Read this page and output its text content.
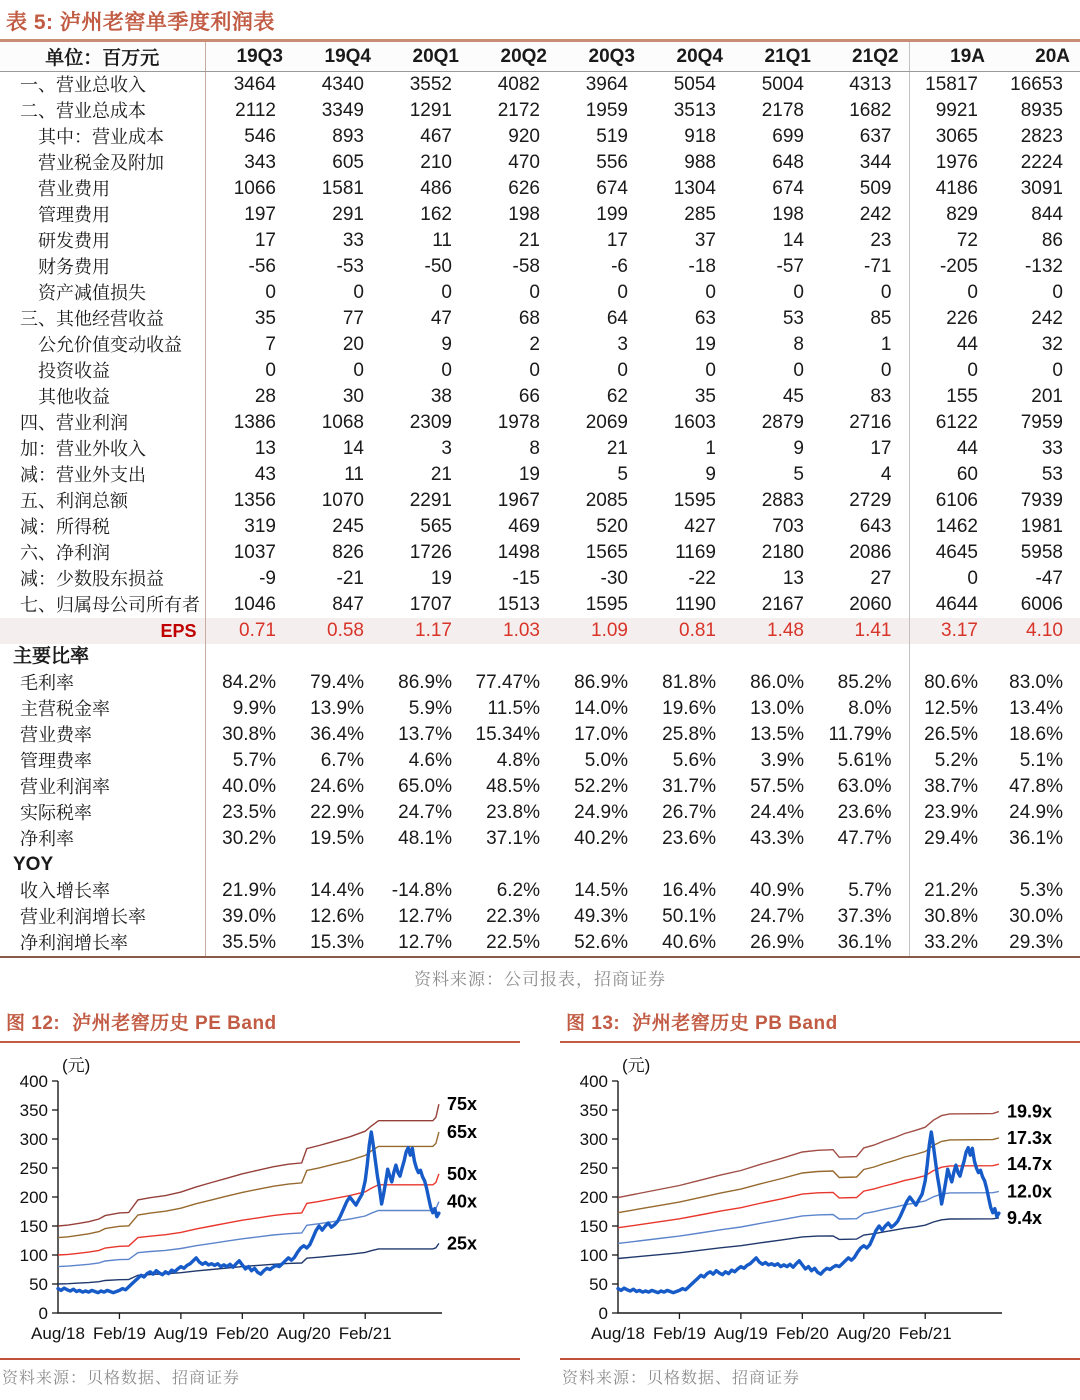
表 5: 泸州老窖单季度利润表
单位：百万元	19Q3	19Q4	20Q1	20Q2	20Q3	20Q4	21Q1	21Q2	19A	20A
一、营业总收入	3464	4340	3552	4082	3964	5054	5004	4313	15817	16653
二、营业总成本	2112	3349	1291	2172	1959	3513	2178	1682	9921	8935
其中：营业成本	546	893	467	920	519	918	699	637	3065	2823
营业税金及附加	343	605	210	470	556	988	648	344	1976	2224
营业费用	1066	1581	486	626	674	1304	674	509	4186	3091
管理费用	197	291	162	198	199	285	198	242	829	844
研发费用	17	33	11	21	17	37	14	23	72	86
财务费用	-56	-53	-50	-58	-6	-18	-57	-71	-205	-132
资产减值损失	0	0	0	0	0	0	0	0	0	0
三、其他经营收益	35	77	47	68	64	63	53	85	226	242
公允价值变动收益	7	20	9	2	3	19	8	1	44	32
投资收益	0	0	0	0	0	0	0	0	0	0
其他收益	28	30	38	66	62	35	45	83	155	201
四、营业利润	1386	1068	2309	1978	2069	1603	2879	2716	6122	7959
加：营业外收入	13	14	3	8	21	1	9	17	44	33
减：营业外支出	43	11	21	19	5	9	5	4	60	53
五、利润总额	1356	1070	2291	1967	2085	1595	2883	2729	6106	7939
减：所得税	319	245	565	469	520	427	703	643	1462	1981
六、净利润	1037	826	1726	1498	1565	1169	2180	2086	4645	5958
减：少数股东损益	-9	-21	19	-15	-30	-22	13	27	0	-47
七、归属母公司所有者	1046	847	1707	1513	1595	1190	2167	2060	4644	6006
EPS	0.71	0.58	1.17	1.03	1.09	0.81	1.48	1.41	3.17	4.10
主要比率										
毛利率	84.2%	79.4%	86.9%	77.47%	86.9%	81.8%	86.0%	85.2%	80.6%	83.0%
主营税金率	9.9%	13.9%	5.9%	11.5%	14.0%	19.6%	13.0%	8.0%	12.5%	13.4%
营业费率	30.8%	36.4%	13.7%	15.34%	17.0%	25.8%	13.5%	11.79%	26.5%	18.6%
管理费率	5.7%	6.7%	4.6%	4.8%	5.0%	5.6%	3.9%	5.61%	5.2%	5.1%
营业利润率	40.0%	24.6%	65.0%	48.5%	52.2%	31.7%	57.5%	63.0%	38.7%	47.8%
实际税率	23.5%	22.9%	24.7%	23.8%	24.9%	26.7%	24.4%	23.6%	23.9%	24.9%
净利率	30.2%	19.5%	48.1%	37.1%	40.2%	23.6%	43.3%	47.7%	29.4%	36.1%
YOY										
收入增长率	21.9%	14.4%	-14.8%	6.2%	14.5%	16.4%	40.9%	5.7%	21.2%	5.3%
营业利润增长率	39.0%	12.6%	12.7%	22.3%	49.3%	50.1%	24.7%	37.3%	30.8%	30.0%
净利润增长率	35.5%	15.3%	12.7%	22.5%	52.6%	40.6%	26.9%	36.1%	33.2%	29.3%
资料来源：公司报表，招商证券
图 12: 泸州老窖历史 PE Band
(元)
0
50
100
150
200
250
300
350
400
Aug/18 Feb/19 Aug/19 Feb/20 Aug/20 Feb/21
75x
65x
50x
40x
25x
资料来源：贝格数据、招商证券
图 13: 泸州老窖历史 PB Band
(元)
0
50
100
150
200
250
300
350
400
Aug/18 Feb/19 Aug/19 Feb/20 Aug/20 Feb/21
19.9x
17.3x
14.7x
12.0x
9.4x
资料来源：贝格数据、招商证券
